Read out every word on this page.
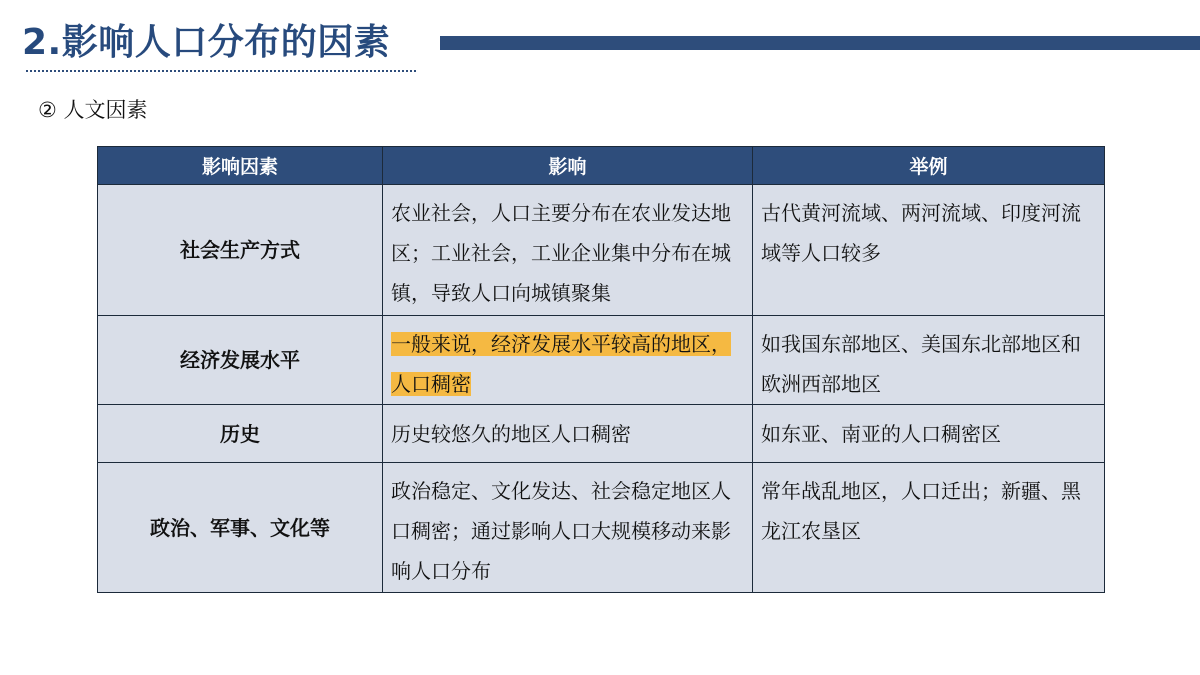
2.影响人口分布的因素
② 人文因素
影响因素	影响	举例
社会生产方式	农业社会，人口主要分布在农业发达地区；工业社会，工业企业集中分布在城镇，导致人口向城镇聚集	古代黄河流域、两河流域、印度河流域等人口较多
经济发展水平	一般来说，经济发展水平较高的地区，人口稠密	如我国东部地区、美国东北部地区和欧洲西部地区
历史	历史较悠久的地区人口稠密	如东亚、南亚的人口稠密区
政治、军事、文化等	政治稳定、文化发达、社会稳定地区人口稠密；通过影响人口大规模移动来影响人口分布	常年战乱地区，人口迁出；新疆、黑龙江农垦区
